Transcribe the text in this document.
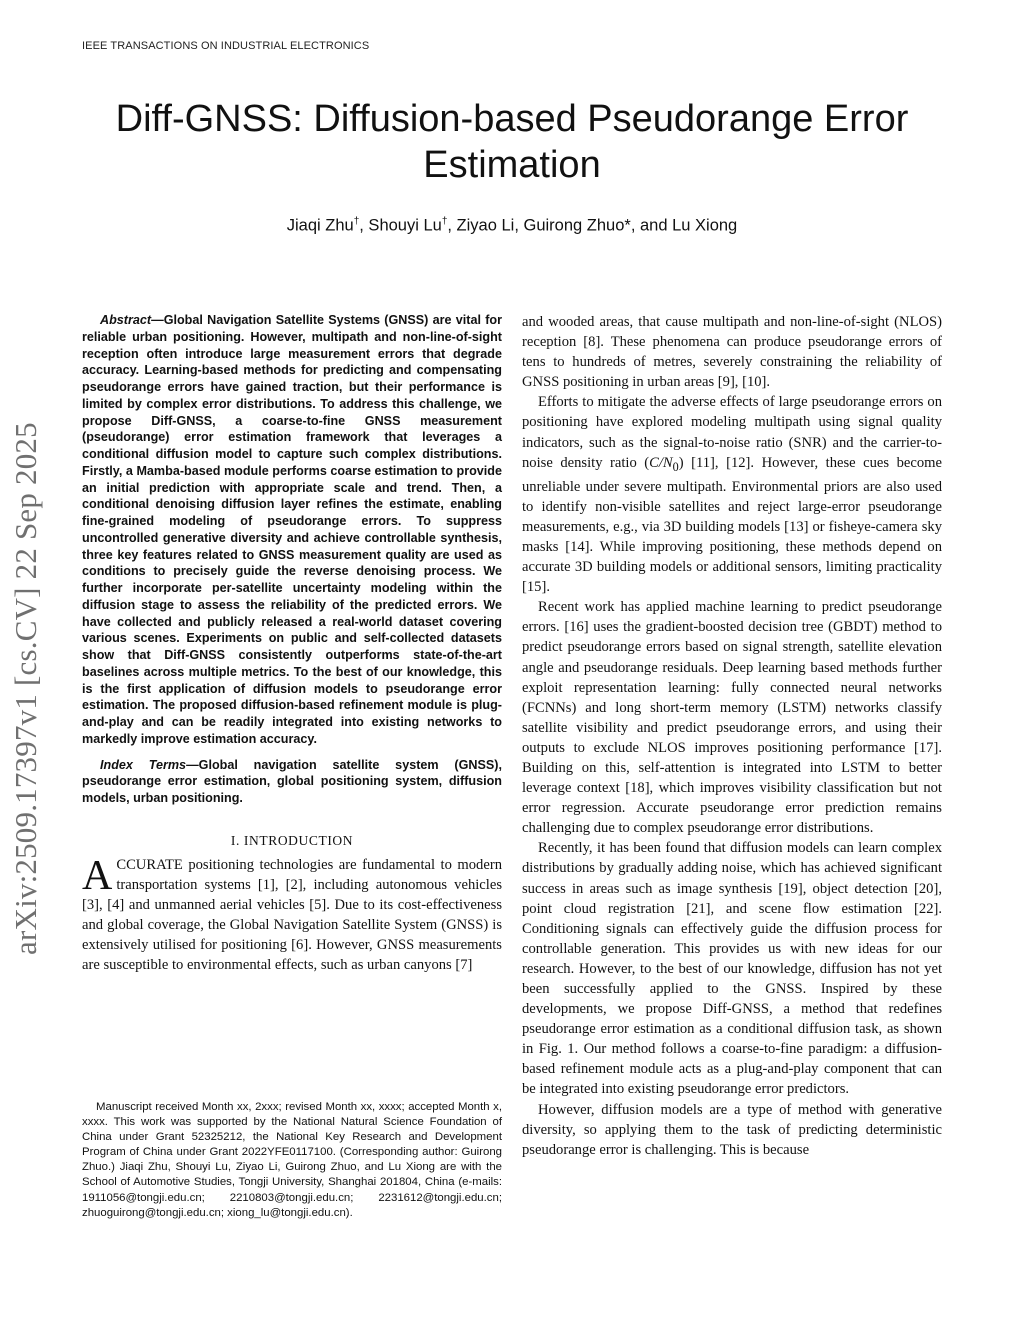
IEEE TRANSACTIONS ON INDUSTRIAL ELECTRONICS
Diff-GNSS: Diffusion-based Pseudorange Error
Estimation
Jiaqi Zhu†, Shouyi Lu†, Ziyao Li, Guirong Zhuo*, and Lu Xiong
arXiv:2509.17397v1 [cs.CV] 22 Sep 2025

Abstract—Global Navigation Satellite Systems (GNSS) are vital for reliable urban positioning. However, multipath and non-line-of-sight reception often introduce large measurement errors that degrade accuracy. Learning-based methods for predicting and compensating pseudorange errors have gained traction, but their performance is limited by complex error distributions. To address this challenge, we propose Diff-GNSS, a coarse-to-fine GNSS measurement (pseudorange) error estimation framework that leverages a conditional diffusion model to capture such complex distributions. Firstly, a Mamba-based module performs coarse estimation to provide an initial prediction with appropriate scale and trend. Then, a conditional denoising diffusion layer refines the estimate, enabling fine-grained modeling of pseudorange errors. To suppress uncontrolled generative diversity and achieve controllable synthesis, three key features related to GNSS measurement quality are used as conditions to precisely guide the reverse denoising process. We further incorporate per-satellite uncertainty modeling within the diffusion stage to assess the reliability of the predicted errors. We have collected and publicly released a real-world dataset covering various scenes. Experiments on public and self-collected datasets show that Diff-GNSS consistently outperforms state-of-the-art baselines across multiple metrics. To the best of our knowledge, this is the first application of diffusion models to pseudorange error estimation. The proposed diffusion-based refinement module is plug-and-play and can be readily integrated into existing networks to markedly improve estimation accuracy.

Index Terms—Global navigation satellite system (GNSS), pseudorange error estimation, global positioning system, diffusion models, urban positioning.

I. INTRODUCTION

ACCURATE positioning technologies are fundamental to modern transportation systems [1], [2], including autonomous vehicles [3], [4] and unmanned aerial vehicles [5]. Due to its cost-effectiveness and global coverage, the Global Navigation Satellite System (GNSS) is extensively utilised for positioning [6]. However, GNSS measurements are susceptible to environmental effects, such as urban canyons [7]

Manuscript received Month xx, 2xxx; revised Month xx, xxxx; accepted Month x, xxxx. This work was supported by the National Natural Science Foundation of China under Grant 52325212, the National Key Research and Development Program of China under Grant 2022YFE0117100. (Corresponding author: Guirong Zhuo.) Jiaqi Zhu, Shouyi Lu, Ziyao Li, Guirong Zhuo, and Lu Xiong are with the School of Automotive Studies, Tongji University, Shanghai 201804, China (e-mails: 1911056@tongji.edu.cn; 2210803@tongji.edu.cn; 2231612@tongji.edu.cn; zhuoguirong@tongji.edu.cn; xiong_lu@tongji.edu.cn).

and wooded areas, that cause multipath and non-line-of-sight (NLOS) reception [8]. These phenomena can produce pseudorange errors of tens to hundreds of metres, severely constraining the reliability of GNSS positioning in urban areas [9], [10].

Efforts to mitigate the adverse effects of large pseudorange errors on positioning have explored modeling multipath using signal quality indicators, such as the signal-to-noise ratio (SNR) and the carrier-to-noise density ratio $(C/N_0)$ [11], [12]. However, these cues become unreliable under severe multipath. Environmental priors are also used to identify non-visible satellites and reject large-error pseudorange measurements, e.g., via 3D building models [13] or fisheye-camera sky masks [14]. While improving positioning, these methods depend on accurate 3D building models or additional sensors, limiting practicality [15].

Recent work has applied machine learning to predict pseudorange errors. [16] uses the gradient-boosted decision tree (GBDT) method to predict pseudorange errors based on signal strength, satellite elevation angle and pseudorange residuals. Deep learning based methods further exploit representation learning: fully connected neural networks (FCNNs) and long short-term memory (LSTM) networks classify satellite visibility and predict pseudorange errors, and using their outputs to exclude NLOS improves positioning performance [17]. Building on this, self-attention is integrated into LSTM to better leverage context [18], which improves visibility classification but not error regression. Accurate pseudorange error prediction remains challenging due to complex pseudorange error distributions.

Recently, it has been found that diffusion models can learn complex distributions by gradually adding noise, which has achieved significant success in areas such as image synthesis [19], object detection [20], point cloud registration [21], and scene flow estimation [22]. Conditioning signals can effectively guide the diffusion process for controllable generation. This provides us with new ideas for our research. However, to the best of our knowledge, diffusion has not yet been successfully applied to the GNSS. Inspired by these developments, we propose Diff-GNSS, a method that redefines pseudorange error estimation as a conditional diffusion task, as shown in Fig. 1. Our method follows a coarse-to-fine paradigm: a diffusion-based refinement module acts as a plug-and-play component that can be integrated into existing pseudorange error predictors.

However, diffusion models are a type of method with generative diversity, so applying them to the task of predicting deterministic pseudorange error is challenging. This is because
